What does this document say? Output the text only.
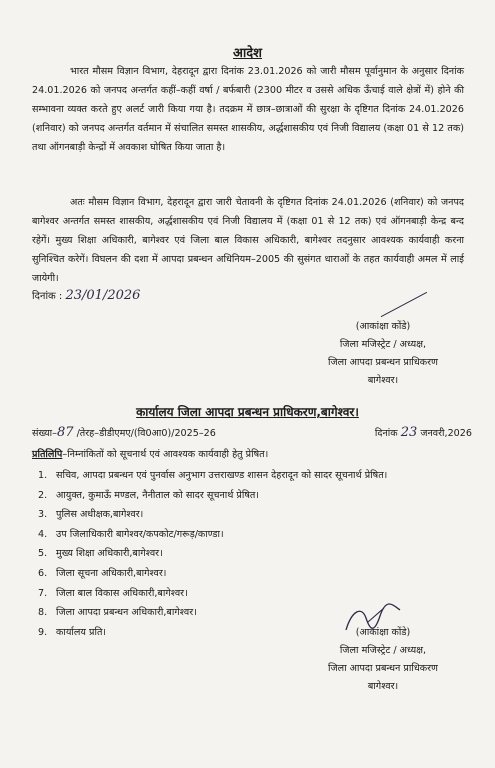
आदेश
भारत मौसम विज्ञान विभाग, देहरादून द्वारा दिनांक 23.01.2026 को जारी मौसम पूर्वानुमान के अनुसार दिनांक 24.01.2026 को जनपद अन्तर्गत कहीं–कहीं वर्षा / बर्फबारी (2300 मीटर व उससे अधिक ऊँचाई वाले क्षेत्रों में) होने की सम्भावना व्यक्त करते हुए अलर्ट जारी किया गया है। तदक्रम में छात्र–छात्राओं की सुरक्षा के दृष्टिगत दिनांक 24.01.2026 (शनिवार) को जनपद अन्तर्गत वर्तमान में संचालित समस्त शासकीय, अर्द्धशासकीय एवं निजी विद्यालय (कक्षा 01 से 12 तक) तथा ऑगनबाड़ी केन्द्रों में अवकाश घोषित किया जाता है।
अतः मौसम विज्ञान विभाग, देहरादून द्वारा जारी चेतावनी के दृष्टिगत दिनांक 24.01.2026 (शनिवार) को जनपद बागेश्वर अन्तर्गत समस्त शासकीय, अर्द्धशासकीय एवं निजी विद्यालय में (कक्षा 01 से 12 तक) एवं ऑगनबाड़ी केन्द्र बन्द रहेगें। मुख्य शिक्षा अधिकारी, बागेश्वर एवं जिला बाल विकास अधिकारी, बागेश्वर तदनुसार आवश्यक कार्यवाही करना सुनिश्चित करेगें। विघलन की दशा में आपदा प्रबन्धन अधिनियम–2005 की सुसंगत धाराओं के तहत कार्यवाही अमल में लाई जायेगी।
दिनांक : 23/01/2026
(आकांक्षा कोंडे)
जिला मजिस्ट्रेट / अध्यक्ष,
जिला आपदा प्रबन्धन प्राधिकरण
बागेश्वर।
कार्यालय जिला आपदा प्रबन्धन प्राधिकरण,बागेश्वर।
संख्या–87 /तेरह–डीडीएमए/(वि0आ0)/2025–26	दिनांक 23 जनवरी,2026
प्रतिलिपि–निम्नांकितों को सूचनार्थ एवं आवश्यक कार्यवाही हेतु प्रेषित।
1. सचिव, आपदा प्रबन्धन एवं पुनर्वास अनुभाग उत्तराखण्ड शासन देहरादून को सादर सूचनार्थ प्रेषित।
2. आयुक्त, कुमाऊँ मण्डल, नैनीताल को सादर सूचनार्थ प्रेषित।
3. पुलिस अधीक्षक,बागेश्वर।
4. उप जिलाधिकारी बागेश्वर/कपकोट/गरूड़/काण्डा।
5. मुख्य शिक्षा अधिकारी,बागेश्वर।
6. जिला सूचना अधिकारी,बागेश्वर।
7. जिला बाल विकास अधिकारी,बागेश्वर।
8. जिला आपदा प्रबन्धन अधिकारी,बागेश्वर।
9. कार्यालय प्रति।	(आकांक्षा कोंडे)
जिला मजिस्ट्रेट / अध्यक्ष,
जिला आपदा प्रबन्धन प्राधिकरण
बागेश्वर।
